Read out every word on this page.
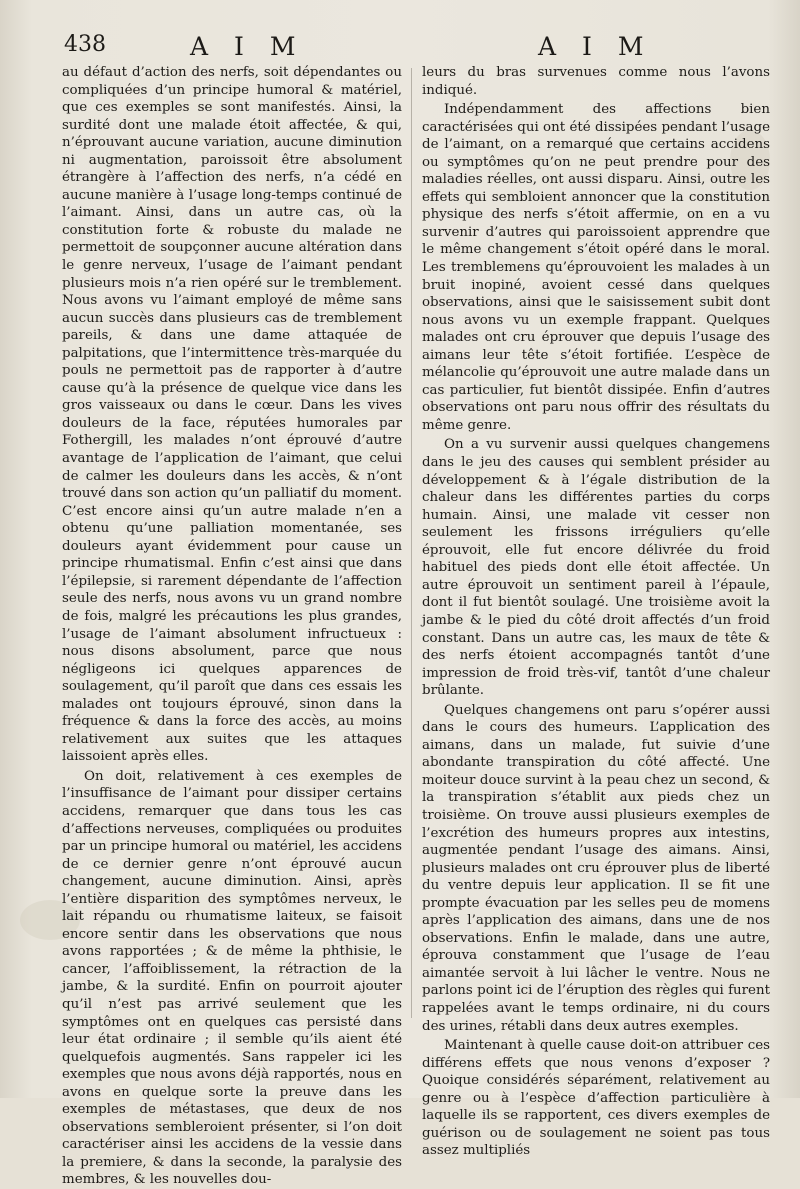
438	A I M	A I M

au défaut d’action des nerfs, soit dépendantes ou compliquées d’un principe humoral & matériel, que ces exemples se sont manifestés. Ainsi, la surdité dont une malade étoit affectée, & qui, n’éprouvant aucune variation, aucune diminution ni augmentation, paroissoit être absolument étrangère à l’affection des nerfs, n’a cédé en aucune manière à l’usage long-temps continué de l’aimant. Ainsi, dans un autre cas, où la constitution forte & robuste du malade ne permettoit de soupçonner aucune altération dans le genre nerveux, l’usage de l’aimant pendant plusieurs mois n’a rien opéré sur le tremblement. Nous avons vu l’aimant employé de même sans aucun succès dans plusieurs cas de tremblement pareils, & dans une dame attaquée de palpitations, que l’intermittence très-marquée du pouls ne permettoit pas de rapporter à d’autre cause qu’à la présence de quelque vice dans les gros vaisseaux ou dans le cœur. Dans les vives douleurs de la face, réputées humorales par Fothergill, les malades n’ont éprouvé d’autre avantage de l’application de l’aimant, que celui de calmer les douleurs dans les accès, & n’ont trouvé dans son action qu’un palliatif du moment. C’est encore ainsi qu’un autre malade n’en a obtenu qu’une palliation momentanée, ses douleurs ayant évidemment pour cause un principe rhumatismal. Enfin c’est ainsi que dans l’épilepsie, si rarement dépendante de l’affection seule des nerfs, nous avons vu un grand nombre de fois, malgré les précautions les plus grandes, l’usage de l’aimant absolument infructueux : nous disons absolument, parce que nous négligeons ici quelques apparences de soulagement, qu’il paroît que dans ces essais les malades ont toujours éprouvé, sinon dans la fréquence & dans la force des accès, au moins relativement aux suites que les attaques laissoient après elles.

On doit, relativement à ces exemples de l’insuffisance de l’aimant pour dissiper certains accidens, remarquer que dans tous les cas d’affections nerveuses, compliquées ou produites par un principe humoral ou matériel, les accidens de ce dernier genre n’ont éprouvé aucun changement, aucune diminution. Ainsi, après l’entière disparition des symptômes nerveux, le lait répandu ou rhumatisme laiteux, se faisoit encore sentir dans les observations que nous avons rapportées ; & de même la phthisie, le cancer, l’affoiblissement, la rétraction de la jambe, & la surdité. Enfin on pourroit ajouter qu’il n’est pas arrivé seulement que les symptômes ont en quelques cas persisté dans leur état ordinaire ; il semble qu’ils aient été quelquefois augmentés. Sans rappeler ici les exemples que nous avons déjà rapportés, nous en avons en quelque sorte la preuve dans les exemples de métastases, que deux de nos observations sembleroient présenter, si l’on doit caractériser ainsi les accidens de la vessie dans la premiere, & dans la seconde, la paralysie des membres, & les nouvelles dou-

leurs du bras survenues comme nous l’avons indiqué.

Indépendamment des affections bien caractérisées qui ont été dissipées pendant l’usage de l’aimant, on a remarqué que certains accidens ou symptômes qu’on ne peut prendre pour des maladies réelles, ont aussi disparu. Ainsi, outre les effets qui sembloient annoncer que la constitution physique des nerfs s’étoit affermie, on en a vu survenir d’autres qui paroissoient apprendre que le même changement s’étoit opéré dans le moral. Les tremblemens qu’éprouvoient les malades à un bruit inopiné, avoient cessé dans quelques observations, ainsi que le saisissement subit dont nous avons vu un exemple frappant. Quelques malades ont cru éprouver que depuis l’usage des aimans leur tête s’étoit fortifiée. L’espèce de mélancolie qu’éprouvoit une autre malade dans un cas particulier, fut bientôt dissipée. Enfin d’autres observations ont paru nous offrir des résultats du même genre.

On a vu survenir aussi quelques changemens dans le jeu des causes qui semblent présider au développement & à l’égale distribution de la chaleur dans les différentes parties du corps humain. Ainsi, une malade vit cesser non seulement les frissons irréguliers qu’elle éprouvoit, elle fut encore délivrée du froid habituel des pieds dont elle étoit affectée. Un autre éprouvoit un sentiment pareil à l’épaule, dont il fut bientôt soulagé. Une troisième avoit la jambe & le pied du côté droit affectés d’un froid constant. Dans un autre cas, les maux de tête & des nerfs étoient accompagnés tantôt d’une impression de froid très-vif, tantôt d’une chaleur brûlante.

Quelques changemens ont paru s’opérer aussi dans le cours des humeurs. L’application des aimans, dans un malade, fut suivie d’une abondante transpiration du côté affecté. Une moiteur douce survint à la peau chez un second, & la transpiration s’établit aux pieds chez un troisième. On trouve aussi plusieurs exemples de l’excrétion des humeurs propres aux intestins, augmentée pendant l’usage des aimans. Ainsi, plusieurs malades ont cru éprouver plus de liberté du ventre depuis leur application. Il se fit une prompte évacuation par les selles peu de momens après l’application des aimans, dans une de nos observations. Enfin le malade, dans une autre, éprouva constamment que l’usage de l’eau aimantée servoit à lui lâcher le ventre. Nous ne parlons point ici de l’éruption des règles qui furent rappelées avant le temps ordinaire, ni du cours des urines, rétabli dans deux autres exemples.

Maintenant à quelle cause doit-on attribuer ces différens effets que nous venons d’exposer ? Quoique considérés séparément, relativement au genre ou à l’espèce d’affection particulière à laquelle ils se rapportent, ces divers exemples de guérison ou de soulagement ne soient pas tous assez multipliés
